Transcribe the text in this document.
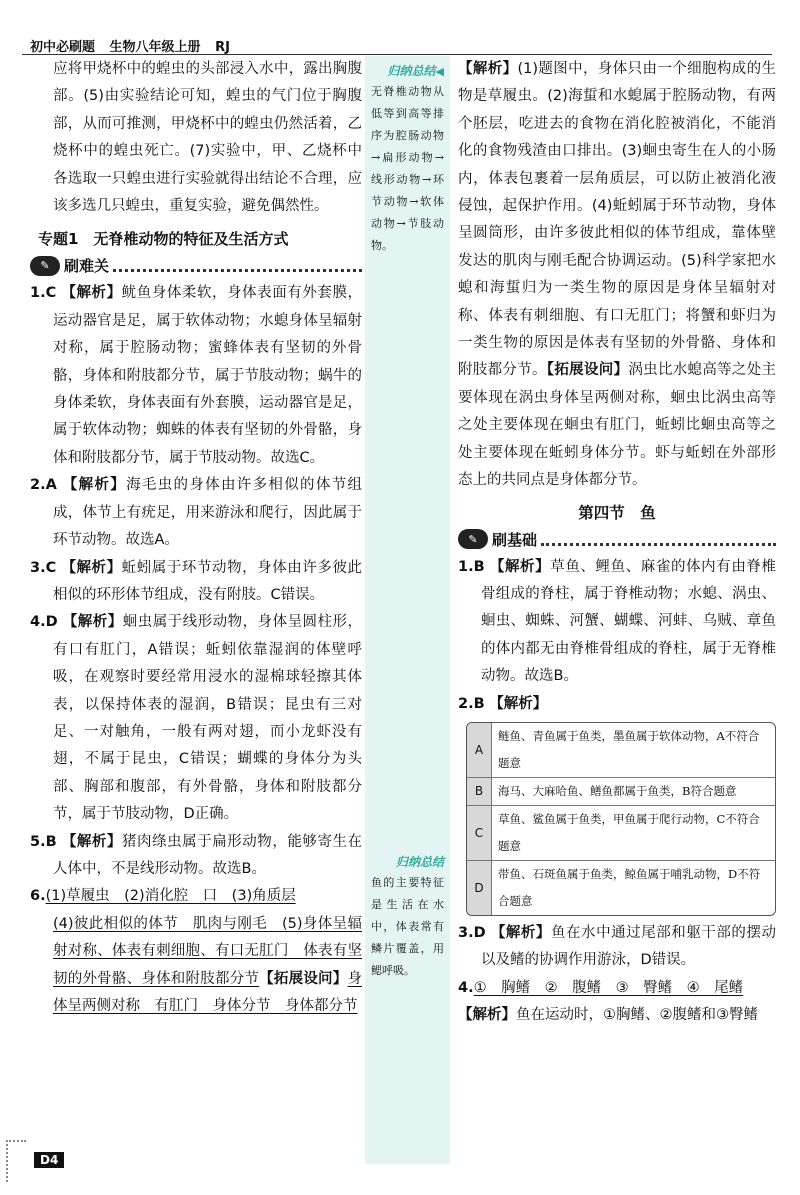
初中必刷题 生物八年级上册 RJ
应将甲烧杯中的蝗虫的头部浸入水中，露出胸腹部。(5)由实验结论可知，蝗虫的气门位于胸腹部，从而可推测，甲烧杯中的蝗虫仍然活着，乙烧杯中的蝗虫死亡。(7)实验中，甲、乙烧杯中各选取一只蝗虫进行实验就得出结论不合理，应该多选几只蝗虫，重复实验，避免偶然性。
专题1　无脊椎动物的特征及生活方式
✎ 刷难关
1.C 【解析】鱿鱼身体柔软，身体表面有外套膜，运动器官是足，属于软体动物；水螅身体呈辐射对称，属于腔肠动物；蜜蜂体表有坚韧的外骨骼，身体和附肢都分节，属于节肢动物；蜗牛的身体柔软，身体表面有外套膜，运动器官是足，属于软体动物；蜘蛛的体表有坚韧的外骨骼，身体和附肢都分节，属于节肢动物。故选C。
2.A 【解析】海毛虫的身体由许多相似的体节组成，体节上有疣足，用来游泳和爬行，因此属于环节动物。故选A。
3.C 【解析】蚯蚓属于环节动物，身体由许多彼此相似的环形体节组成，没有附肢。C错误。
4.D 【解析】蛔虫属于线形动物，身体呈圆柱形，有口有肛门，A错误；蚯蚓依靠湿润的体壁呼吸，在观察时要经常用浸水的湿棉球轻擦其体表，以保持体表的湿润，B错误；昆虫有三对足、一对触角，一般有两对翅，而小龙虾没有翅，不属于昆虫，C错误；蝴蝶的身体分为头部、胸部和腹部，有外骨骼，身体和附肢都分节，属于节肢动物，D正确。
5.B 【解析】猪肉绦虫属于扁形动物，能够寄生在人体中，不是线形动物。故选B。
6.(1)草履虫　(2)消化腔　口　(3)角质层
(4)彼此相似的体节　肌肉与刚毛　(5)身体呈辐射对称、体表有刺细胞、有口无肛门　体表有坚韧的外骨骼、身体和附肢都分节【拓展设问】身体呈两侧对称　有肛门　身体分节　身体都分节
归纳总结◀
无脊椎动物从低等到高等排序为腔肠动物→扁形动物→线形动物→环节动物→软体动物→节肢动物。
归纳总结
鱼的主要特征是生活在水中，体表常有鳞片覆盖，用鳃呼吸。
【解析】(1)题图中，身体只由一个细胞构成的生物是草履虫。(2)海蜇和水螅属于腔肠动物，有两个胚层，吃进去的食物在消化腔被消化，不能消化的食物残渣由口排出。(3)蛔虫寄生在人的小肠内，体表包裹着一层角质层，可以防止被消化液侵蚀，起保护作用。(4)蚯蚓属于环节动物，身体呈圆筒形，由许多彼此相似的体节组成，靠体壁发达的肌肉与刚毛配合协调运动。(5)科学家把水螅和海蜇归为一类生物的原因是身体呈辐射对称、体表有刺细胞、有口无肛门；将蟹和虾归为一类生物的原因是体表有坚韧的外骨骼、身体和附肢都分节。【拓展设问】涡虫比水螅高等之处主要体现在涡虫身体呈两侧对称，蛔虫比涡虫高等之处主要体现在蛔虫有肛门，蚯蚓比蛔虫高等之处主要体现在蚯蚓身体分节。虾与蚯蚓在外部形态上的共同点是身体都分节。
第四节　鱼
✎ 刷基础
1.B 【解析】草鱼、鲤鱼、麻雀的体内有由脊椎骨组成的脊柱，属于脊椎动物；水螅、涡虫、蛔虫、蜘蛛、河蟹、蝴蝶、河蚌、乌贼、章鱼的体内都无由脊椎骨组成的脊柱，属于无脊椎动物。故选B。
2.B 【解析】
A
鲢鱼、青鱼属于鱼类，墨鱼属于软体动物，A不符合题意
B	海马、大麻哈鱼、鳝鱼都属于鱼类，B符合题意
C
草鱼、鲨鱼属于鱼类，甲鱼属于爬行动物，C不符合题意
D
带鱼、石斑鱼属于鱼类，鲸鱼属于哺乳动物，D不符合题意
3.D 【解析】鱼在水中通过尾部和躯干部的摆动以及鳍的协调作用游泳，D错误。
4.①　胸鳍　②　腹鳍　③　臀鳍　④　尾鳍
【解析】鱼在运动时，①胸鳍、②腹鳍和③臀鳍
D4
